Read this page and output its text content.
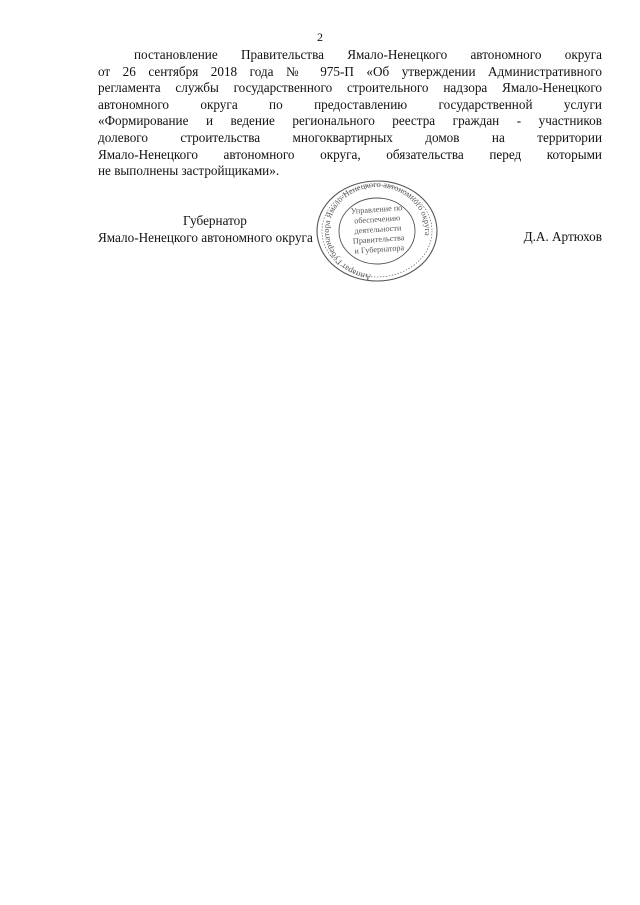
2
постановление Правительства Ямало-Ненецкого автономного округа
от 26 сентября 2018 года № 975-П «Об утверждении Административного
регламента службы государственного строительного надзора Ямало-Ненецкого
автономного округа по предоставлению государственной услуги
«Формирование и ведение регионального реестра граждан - участников
долевого строительства многоквартирных домов на территории
Ямало-Ненецкого автономного округа, обязательства перед которыми
не выполнены застройщиками».
Аппарат Губернатора Ямало-Ненецкого автономного округа
Управление по
обеспечению
деятельности
Правительства
и Губернатора
Губернатор
Ямало-Ненецкого автономного округа	Д.А. Артюхов
